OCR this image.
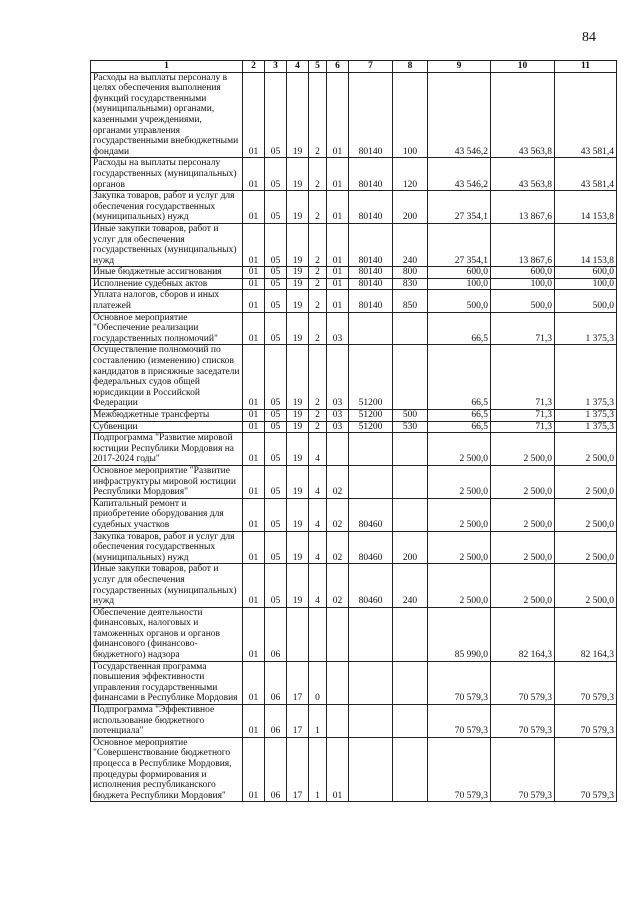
84
1	2	3	4	5	6	7	8	9	10	11
Расходы на выплаты персоналу в целях обеспечения выполнения функций государственными (муниципальными) органами, казенными учреждениями, органами управления государственными внебюджетными фондами	01	05	19	2	01	80140	100	43 546,2	43 563,8	43 581,4
Расходы на выплаты персоналу государственных (муниципальных) органов	01	05	19	2	01	80140	120	43 546,2	43 563,8	43 581,4
Закупка товаров, работ и услуг для обеспечения государственных (муниципальных) нужд	01	05	19	2	01	80140	200	27 354,1	13 867,6	14 153,8
Иные закупки товаров, работ и услуг для обеспечения государственных (муниципальных) нужд	01	05	19	2	01	80140	240	27 354,1	13 867,6	14 153,8
Иные бюджетные ассигнования	01	05	19	2	01	80140	800	600,0	600,0	600,0
Исполнение судебных актов	01	05	19	2	01	80140	830	100,0	100,0	100,0
Уплата налогов, сборов и иных платежей	01	05	19	2	01	80140	850	500,0	500,0	500,0
Основное мероприятие "Обеспечение реализации государственных полномочий"	01	05	19	2	03			66,5	71,3	1 375,3
Осуществление полномочий по составлению (изменению) списков кандидатов в присяжные заседатели федеральных судов общей юрисдикции в Российской Федерации	01	05	19	2	03	51200		66,5	71,3	1 375,3
Межбюджетные трансферты	01	05	19	2	03	51200	500	66,5	71,3	1 375,3
Субвенции	01	05	19	2	03	51200	530	66,5	71,3	1 375,3
Подпрограмма "Развитие мировой юстиции Республики Мордовия на 2017-2024 годы"	01	05	19	4				2 500,0	2 500,0	2 500,0
Основное мероприятие "Развитие инфраструктуры мировой юстиции Республики Мордовия"	01	05	19	4	02			2 500,0	2 500,0	2 500,0
Капитальный ремонт и приобретение оборудования для судебных участков	01	05	19	4	02	80460		2 500,0	2 500,0	2 500,0
Закупка товаров, работ и услуг для обеспечения государственных (муниципальных) нужд	01	05	19	4	02	80460	200	2 500,0	2 500,0	2 500,0
Иные закупки товаров, работ и услуг для обеспечения государственных (муниципальных) нужд	01	05	19	4	02	80460	240	2 500,0	2 500,0	2 500,0
Обеспечение деятельности финансовых, налоговых и таможенных органов и органов финансового (финансово-бюджетного) надзора	01	06						85 990,0	82 164,3	82 164,3
Государственная программа повышения эффективности управления государственными финансами в Республике Мордовия	01	06	17	0				70 579,3	70 579,3	70 579,3
Подпрограмма "Эффективное использование бюджетного потенциала"	01	06	17	1				70 579,3	70 579,3	70 579,3
Основное мероприятие "Совершенствование бюджетного процесса в Республике Мордовия, процедуры формирования и исполнения республиканского бюджета Республики Мордовия"	01	06	17	1	01			70 579,3	70 579,3	70 579,3
